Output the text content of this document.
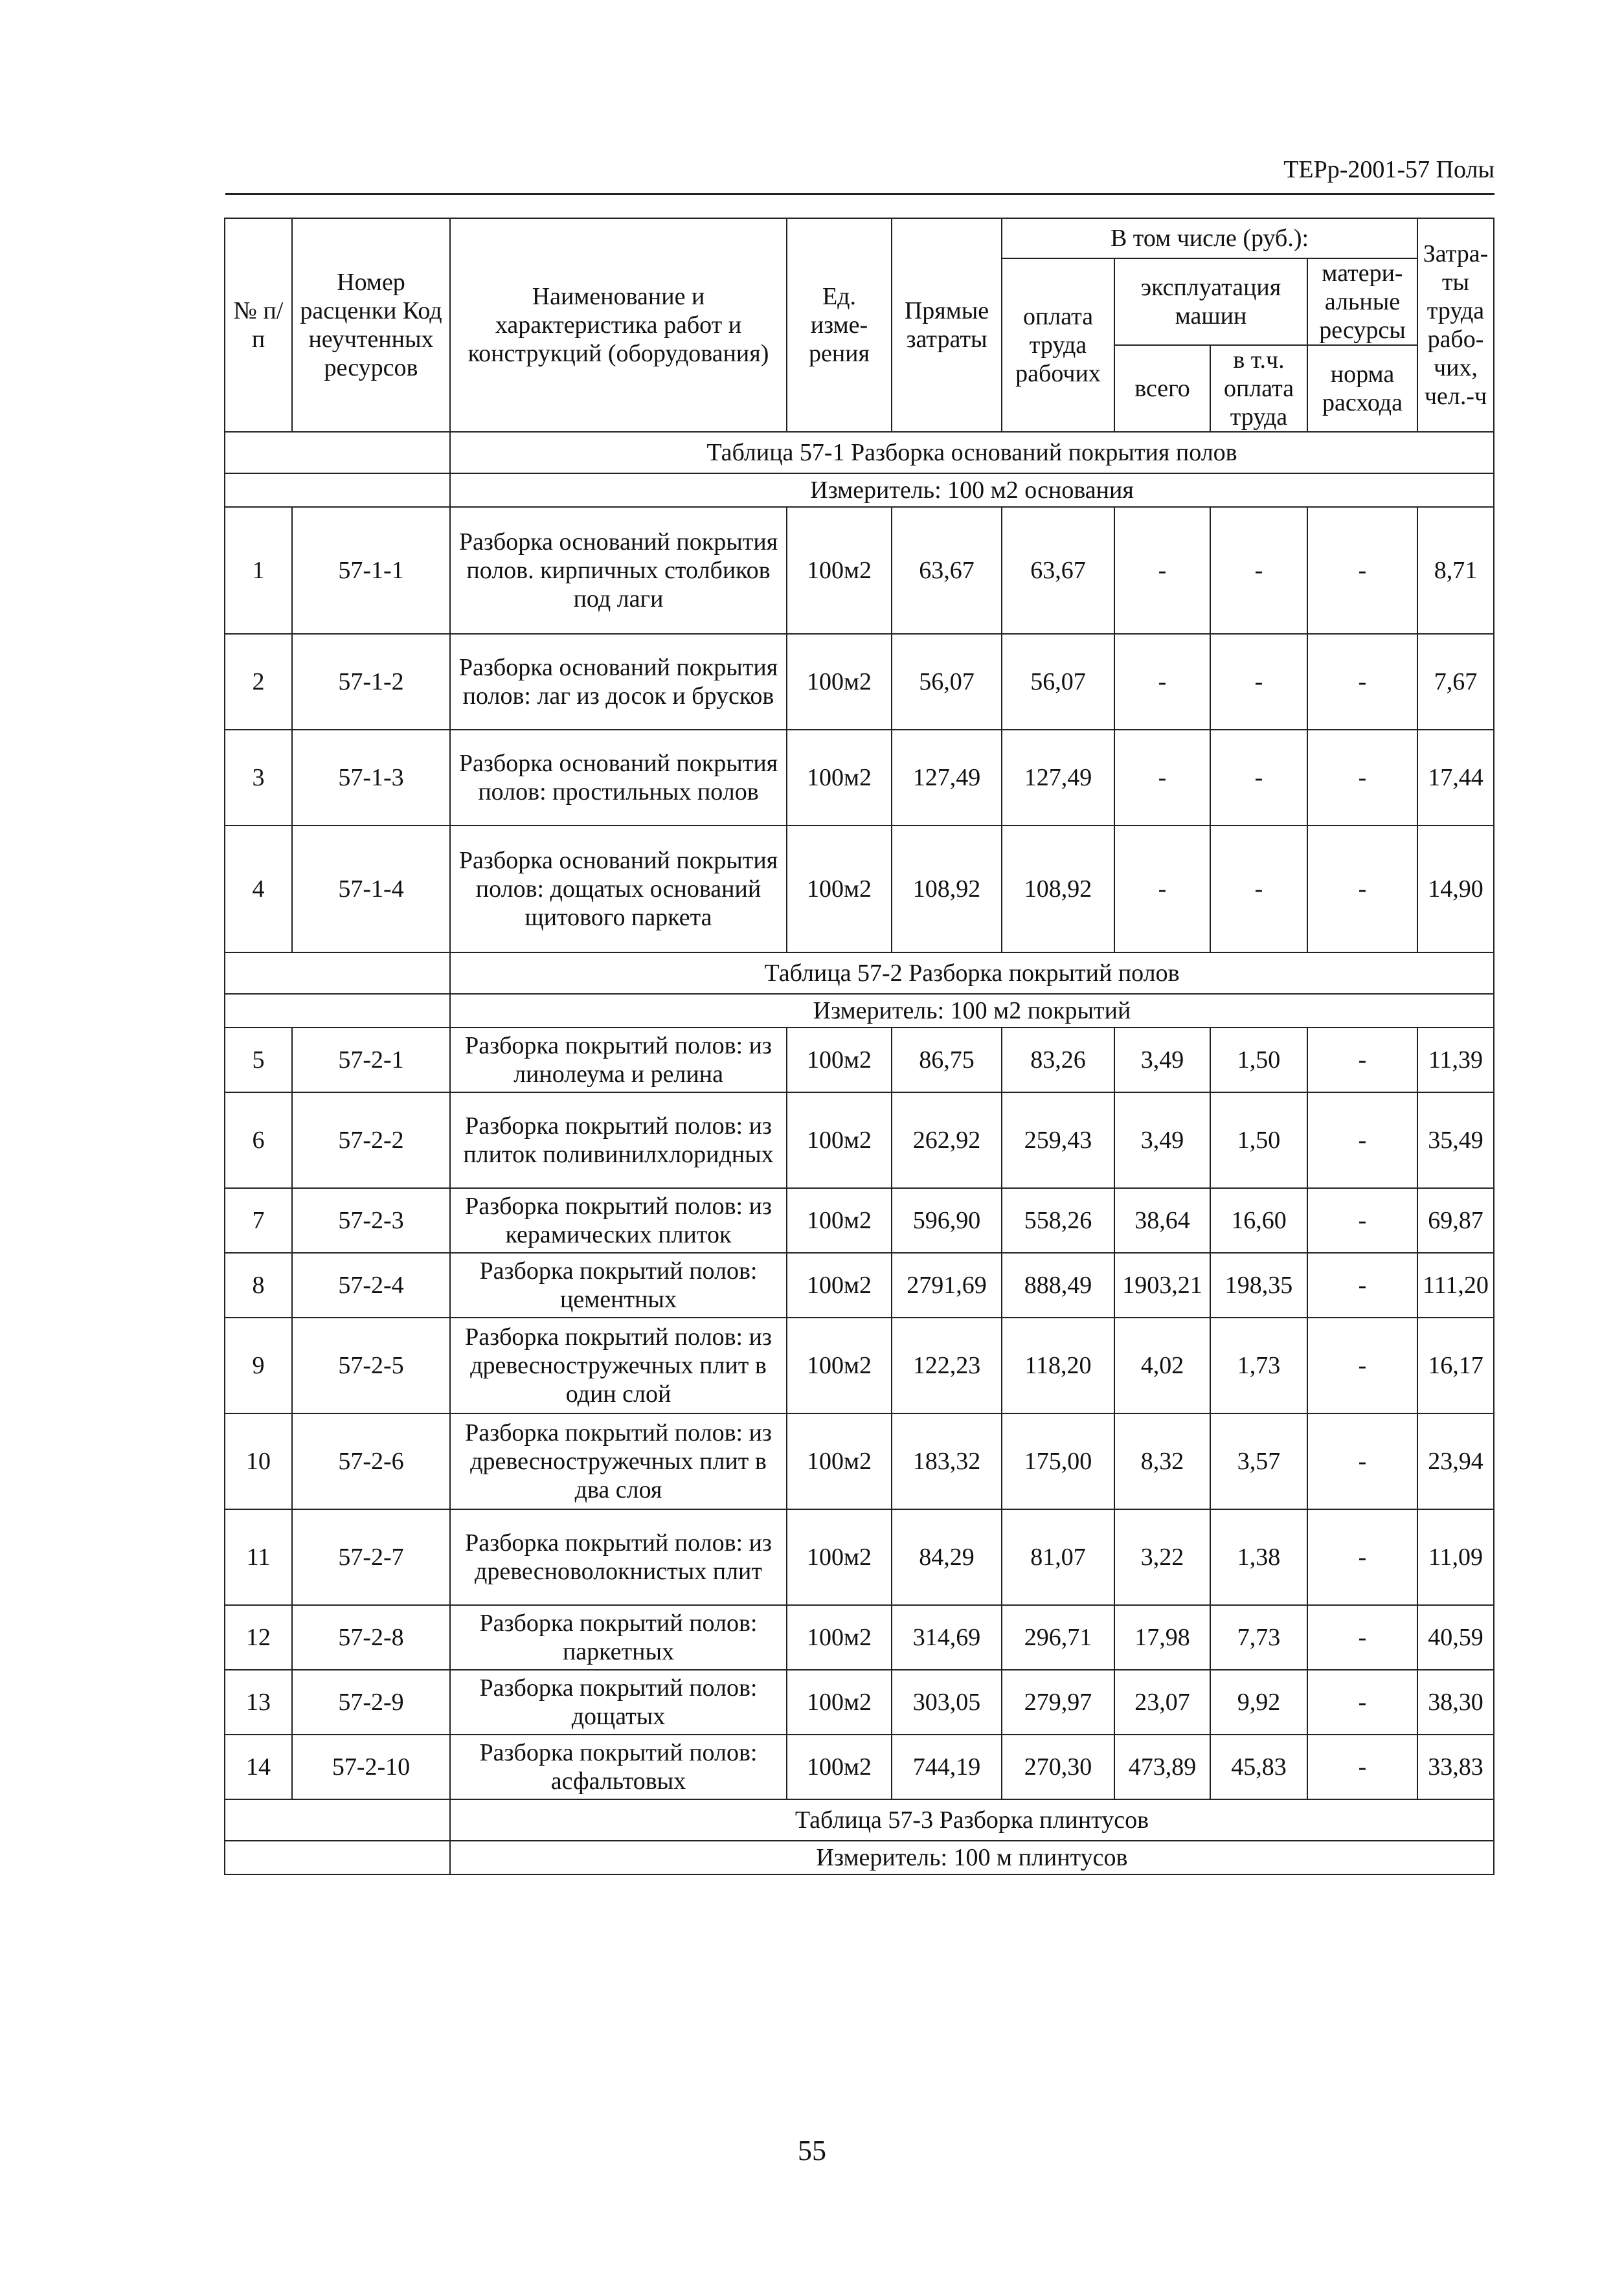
ТЕРр-2001-57 Полы
№ п/п	Номер расценки Код неучтенных ресурсов	Наименование и характеристика работ и конструкций (оборудования)	Ед. изме-рения	Прямые затраты	В том числе (руб.):				Затра-ты труда рабо-чих, чел.-ч
					оплата труда рабочих	эксплуатация машин		матери-альные ресурсы	
						всего	в т.ч. оплата труда	норма расхода	

		Таблица 57-1 Разборка оснований покрытия полов							
		Измеритель: 100 м2 основания							
1	57-1-1	Разборка оснований покрытия полов. кирпичных столбиков под лаги	100м2	63,67	63,67	-	-	-	8,71
2	57-1-2	Разборка оснований покрытия полов: лаг из досок и брусков	100м2	56,07	56,07	-	-	-	7,67
3	57-1-3	Разборка оснований покрытия полов: простильных полов	100м2	127,49	127,49	-	-	-	17,44
4	57-1-4	Разборка оснований покрытия полов: дощатых оснований щитового паркета	100м2	108,92	108,92	-	-	-	14,90
		Таблица 57-2 Разборка покрытий полов							
		Измеритель: 100 м2 покрытий							
5	57-2-1	Разборка покрытий полов: из линолеума и релина	100м2	86,75	83,26	3,49	1,50	-	11,39
6	57-2-2	Разборка покрытий полов: из плиток поливинилхлоридных	100м2	262,92	259,43	3,49	1,50	-	35,49
7	57-2-3	Разборка покрытий полов: из керамических плиток	100м2	596,90	558,26	38,64	16,60	-	69,87
8	57-2-4	Разборка покрытий полов: цементных	100м2	2791,69	888,49	1903,21	198,35	-	111,20
9	57-2-5	Разборка покрытий полов: из древесностружечных плит в один слой	100м2	122,23	118,20	4,02	1,73	-	16,17
10	57-2-6	Разборка покрытий полов: из древесностружечных плит в два слоя	100м2	183,32	175,00	8,32	3,57	-	23,94
11	57-2-7	Разборка покрытий полов: из древесноволокнистых плит	100м2	84,29	81,07	3,22	1,38	-	11,09
12	57-2-8	Разборка покрытий полов: паркетных	100м2	314,69	296,71	17,98	7,73	-	40,59
13	57-2-9	Разборка покрытий полов: дощатых	100м2	303,05	279,97	23,07	9,92	-	38,30
14	57-2-10	Разборка покрытий полов: асфальтовых	100м2	744,19	270,30	473,89	45,83	-	33,83
		Таблица 57-3 Разборка плинтусов							
		Измеритель: 100 м плинтусов							
55
